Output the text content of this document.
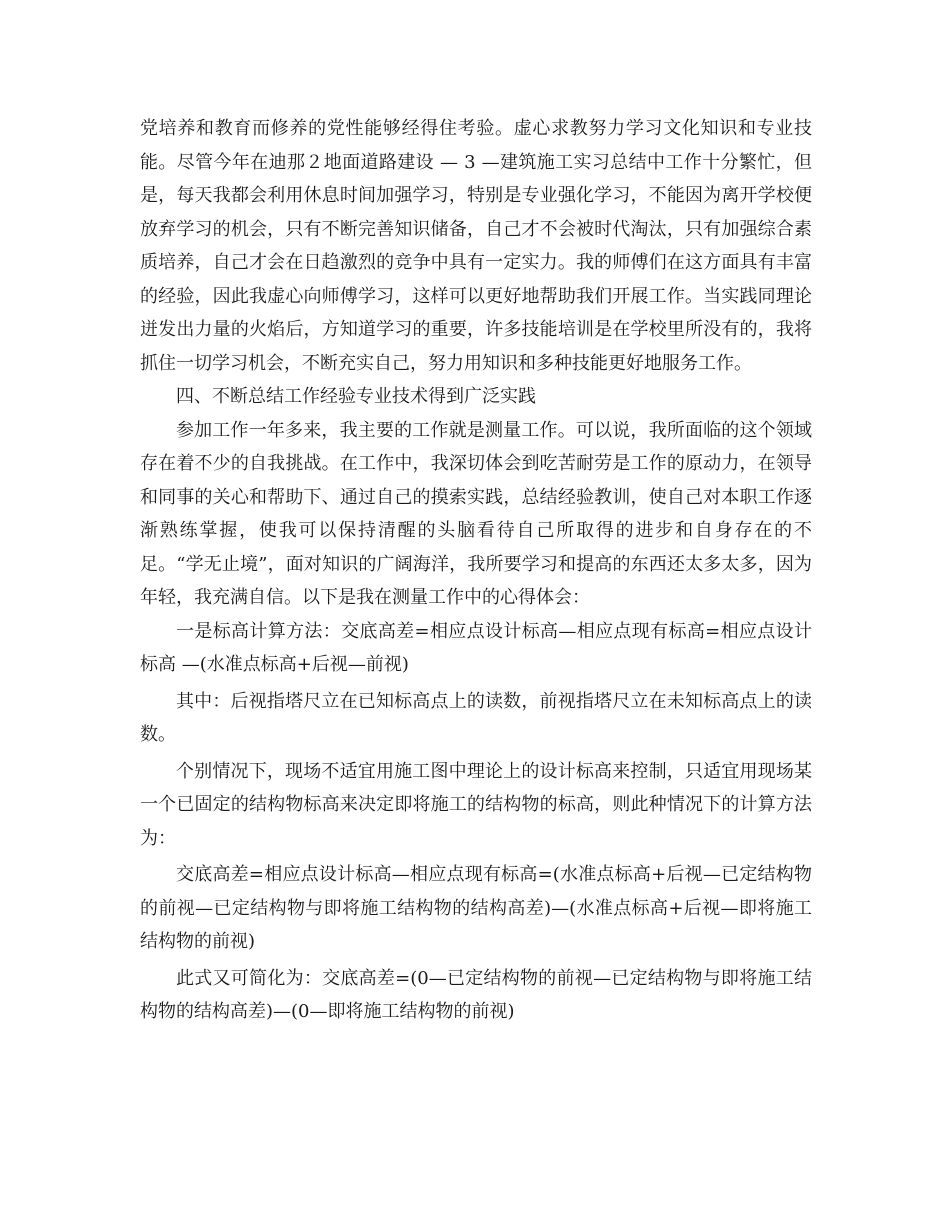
党培养和教育而修养的党性能够经得住考验。虚心求教努力学习文化知识和专业技能。尽管今年在迪那２地面道路建设 — 3 —建筑施工实习总结中工作十分繁忙，但是，每天我都会利用休息时间加强学习，特别是专业强化学习，不能因为离开学校便放弃学习的机会，只有不断完善知识储备，自己才不会被时代淘汰，只有加强综合素质培养，自己才会在日趋激烈的竞争中具有一定实力。我的师傅们在这方面具有丰富的经验，因此我虚心向师傅学习，这样可以更好地帮助我们开展工作。当实践同理论迸发出力量的火焰后，方知道学习的重要，许多技能培训是在学校里所没有的，我将抓住一切学习机会，不断充实自己，努力用知识和多种技能更好地服务工作。

四、不断总结工作经验专业技术得到广泛实践

参加工作一年多来，我主要的工作就是测量工作。可以说，我所面临的这个领域存在着不少的自我挑战。在工作中，我深切体会到吃苦耐劳是工作的原动力，在领导和同事的关心和帮助下、通过自己的摸索实践，总结经验教训，使自己对本职工作逐渐熟练掌握，使我可以保持清醒的头脑看待自己所取得的进步和自身存在的不足。“学无止境”，面对知识的广阔海洋，我所要学习和提高的东西还太多太多，因为年轻，我充满自信。以下是我在测量工作中的心得体会：

一是标高计算方法：交底高差=相应点设计标高—相应点现有标高=相应点设计标高 —(水准点标高+后视—前视)

其中：后视指塔尺立在已知标高点上的读数，前视指塔尺立在未知标高点上的读数。

个别情况下，现场不适宜用施工图中理论上的设计标高来控制，只适宜用现场某一个已固定的结构物标高来决定即将施工的结构物的标高，则此种情况下的计算方法为：

交底高差=相应点设计标高—相应点现有标高=(水准点标高+后视—已定结构物的前视—已定结构物与即将施工结构物的结构高差)—(水准点标高+后视—即将施工结构物的前视)

此式又可简化为：交底高差=(0—已定结构物的前视—已定结构物与即将施工结构物的结构高差)—(0—即将施工结构物的前视)
